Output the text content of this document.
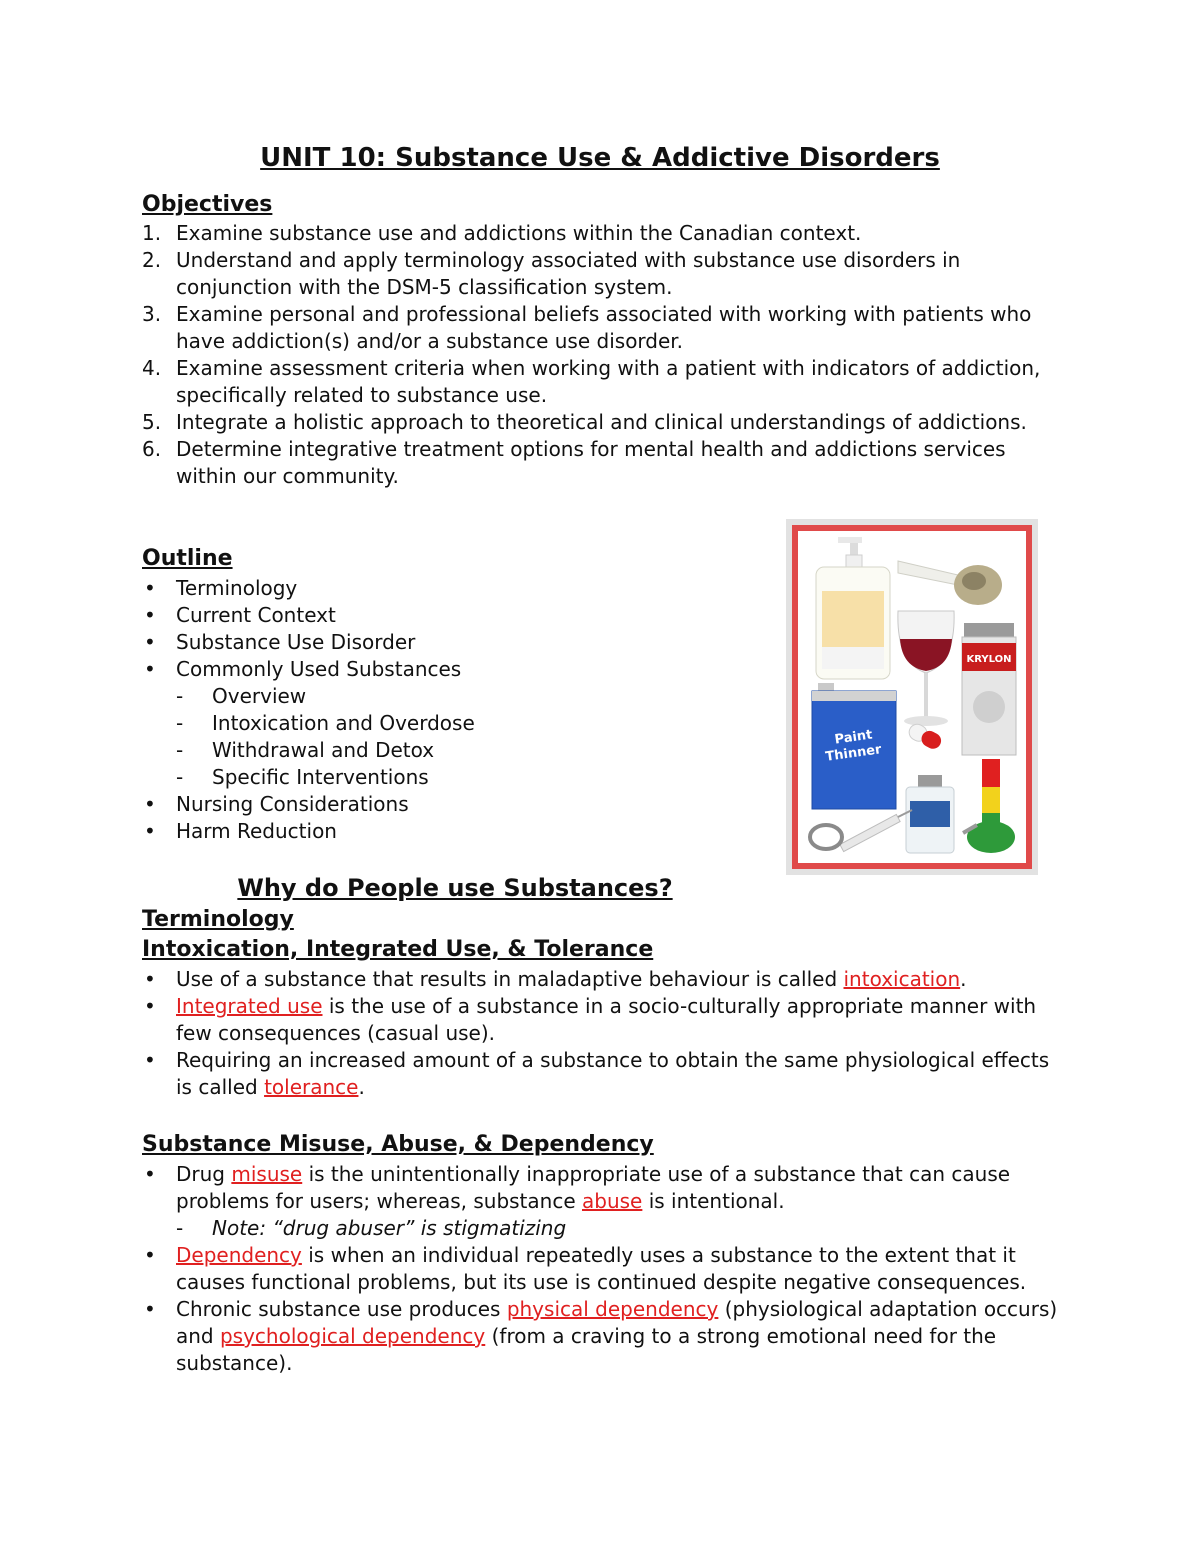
UNIT 10: Substance Use & Addictive Disorders
Objectives
1. Examine substance use and addictions within the Canadian context.
2. Understand and apply terminology associated with substance use disorders in conjunction with the DSM-5 classification system.
3. Examine personal and professional beliefs associated with working with patients who have addiction(s) and/or a substance use disorder.
4. Examine assessment criteria when working with a patient with indicators of addiction, specifically related to substance use.
5. Integrate a holistic approach to theoretical and clinical understandings of addictions.
6. Determine integrative treatment options for mental health and addictions services within our community.
Outline
• Terminology
• Current Context
• Substance Use Disorder
• Commonly Used Substances
- Overview
- Intoxication and Overdose
- Withdrawal and Detox
- Specific Interventions
• Nursing Considerations
• Harm Reduction
KRYLON
Paint
Thinner
Why do People use Substances?
Terminology
Intoxication, Integrated Use, & Tolerance
• Use of a substance that results in maladaptive behaviour is called intoxication.
• Integrated use is the use of a substance in a socio-culturally appropriate manner with few consequences (casual use).
• Requiring an increased amount of a substance to obtain the same physiological effects is called tolerance.
Substance Misuse, Abuse, & Dependency
• Drug misuse is the unintentionally inappropriate use of a substance that can cause problems for users; whereas, substance abuse is intentional.
- Note: “drug abuser” is stigmatizing
• Dependency is when an individual repeatedly uses a substance to the extent that it causes functional problems, but its use is continued despite negative consequences.
• Chronic substance use produces physical dependency (physiological adaptation occurs) and psychological dependency (from a craving to a strong emotional need for the substance).
